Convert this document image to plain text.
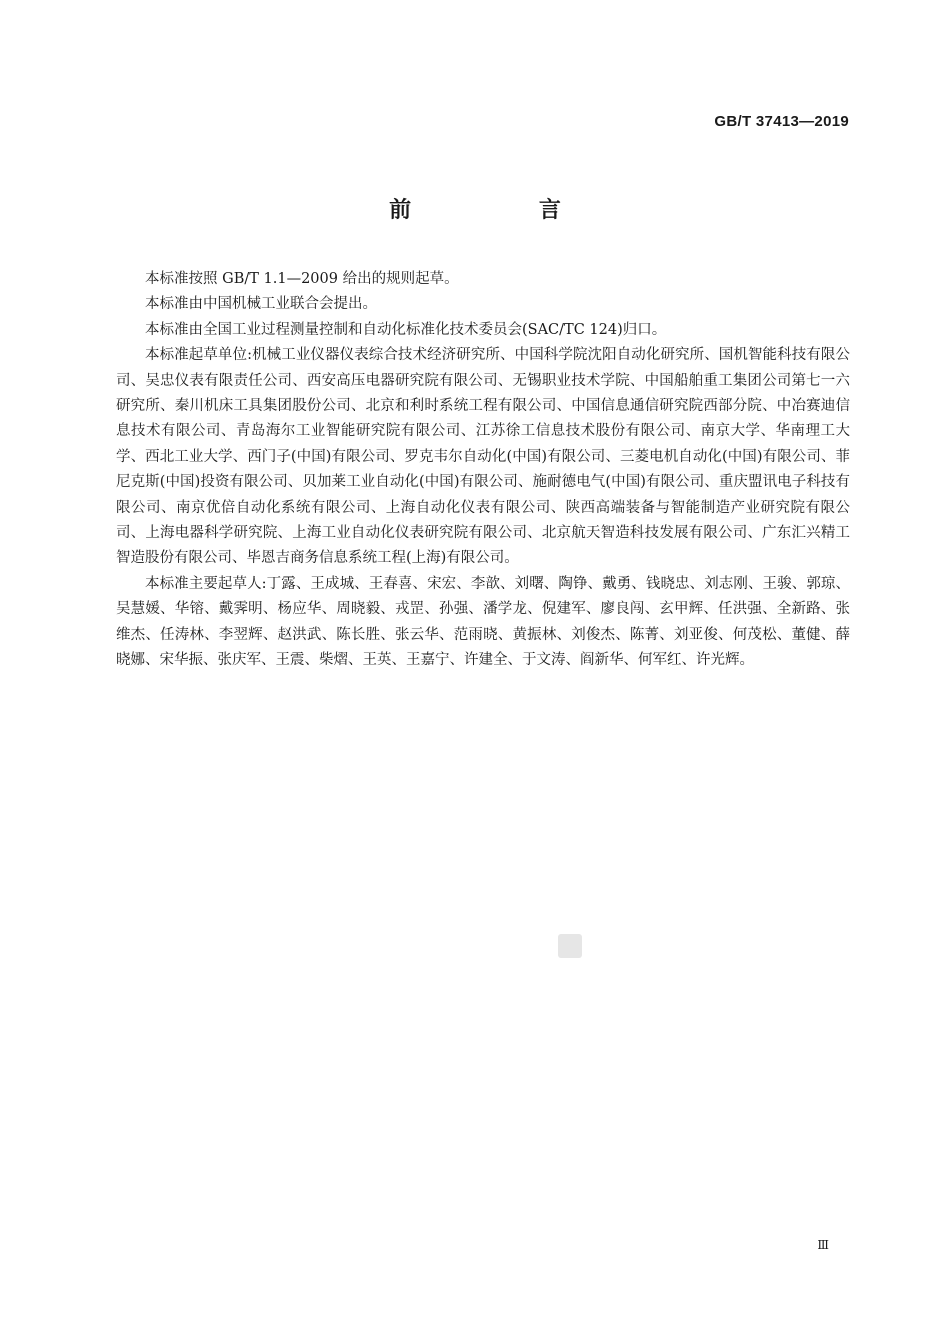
GB/T 37413—2019
前 言

本标准按照 GB/T 1.1—2009 给出的规则起草。

本标准由中国机械工业联合会提出。

本标准由全国工业过程测量控制和自动化标准化技术委员会(SAC/TC 124)归口。

本标准起草单位:机械工业仪器仪表综合技术经济研究所、中国科学院沈阳自动化研究所、国机智能科技有限公司、吴忠仪表有限责任公司、西安高压电器研究院有限公司、无锡职业技术学院、中国船舶重工集团公司第七一六研究所、秦川机床工具集团股份公司、北京和利时系统工程有限公司、中国信息通信研究院西部分院、中冶赛迪信息技术有限公司、青岛海尔工业智能研究院有限公司、江苏徐工信息技术股份有限公司、南京大学、华南理工大学、西北工业大学、西门子(中国)有限公司、罗克韦尔自动化(中国)有限公司、三菱电机自动化(中国)有限公司、菲尼克斯(中国)投资有限公司、贝加莱工业自动化(中国)有限公司、施耐德电气(中国)有限公司、重庆盟讯电子科技有限公司、南京优倍自动化系统有限公司、上海自动化仪表有限公司、陕西高端装备与智能制造产业研究院有限公司、上海电器科学研究院、上海工业自动化仪表研究院有限公司、北京航天智造科技发展有限公司、广东汇兴精工智造股份有限公司、毕恩吉商务信息系统工程(上海)有限公司。

本标准主要起草人:丁露、王成城、王春喜、宋宏、李歆、刘曙、陶铮、戴勇、钱晓忠、刘志刚、王骏、郭琼、吴慧媛、华镕、戴霁明、杨应华、周晓毅、戎罡、孙强、潘学龙、倪建军、廖良闯、玄甲辉、任洪强、全新路、张维杰、任涛林、李翌辉、赵洪武、陈长胜、张云华、范雨晓、黄振林、刘俊杰、陈菁、刘亚俊、何茂松、董健、薛晓娜、宋华振、张庆军、王震、柴熠、王英、王嘉宁、许建全、于文涛、阎新华、何军红、许光辉。

Ⅲ
